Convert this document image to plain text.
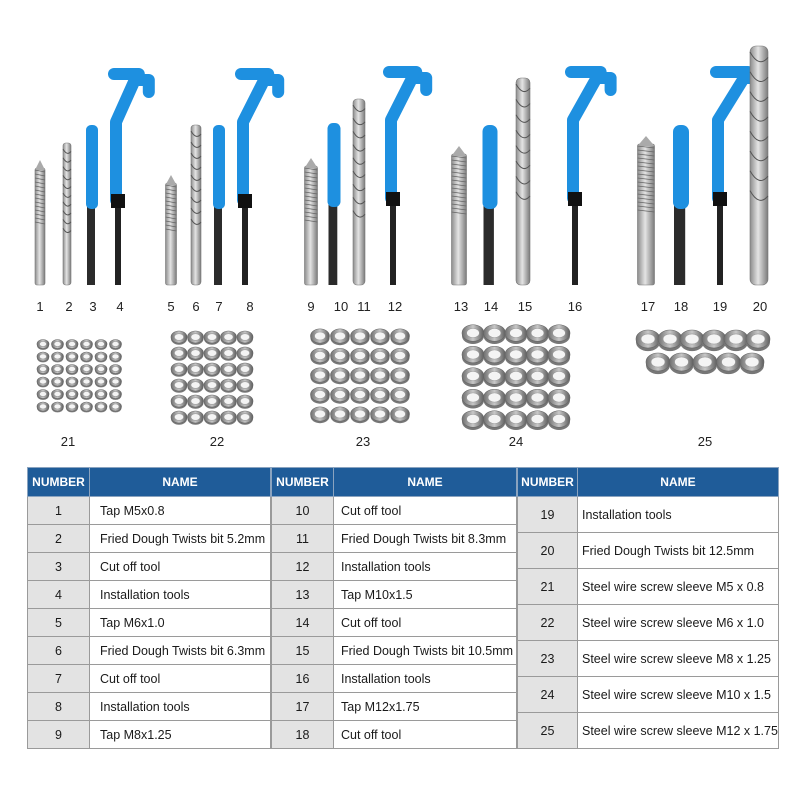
1 2 3 4	5 6 7 8	9 10 11 12	13 14 15	16	17 18 19 20
21	22	23	24	25
NUMBER	NAME
1	Tap M5x0.8
2	Fried Dough Twists bit 5.2mm
3	Cut off tool
4	Installation tools
5	Tap M6x1.0
6	Fried Dough Twists bit 6.3mm
7	Cut off tool
8	Installation tools
9	Tap M8x1.25
NUMBER	NAME
10	Cut off tool
11	Fried Dough Twists bit 8.3mm
12	Installation tools
13	Tap M10x1.5
14	Cut off tool
15	Fried Dough Twists bit 10.5mm
16	Installation tools
17	Tap M12x1.75
18	Cut off tool
NUMBER	NAME
19	Installation tools
20	Fried Dough Twists bit 12.5mm
21	Steel wire screw sleeve M5 x 0.8
22	Steel wire screw sleeve M6 x 1.0
23	Steel wire screw sleeve M8 x 1.25
24	Steel wire screw sleeve M10 x 1.5
25	Steel wire screw sleeve M12 x 1.75
